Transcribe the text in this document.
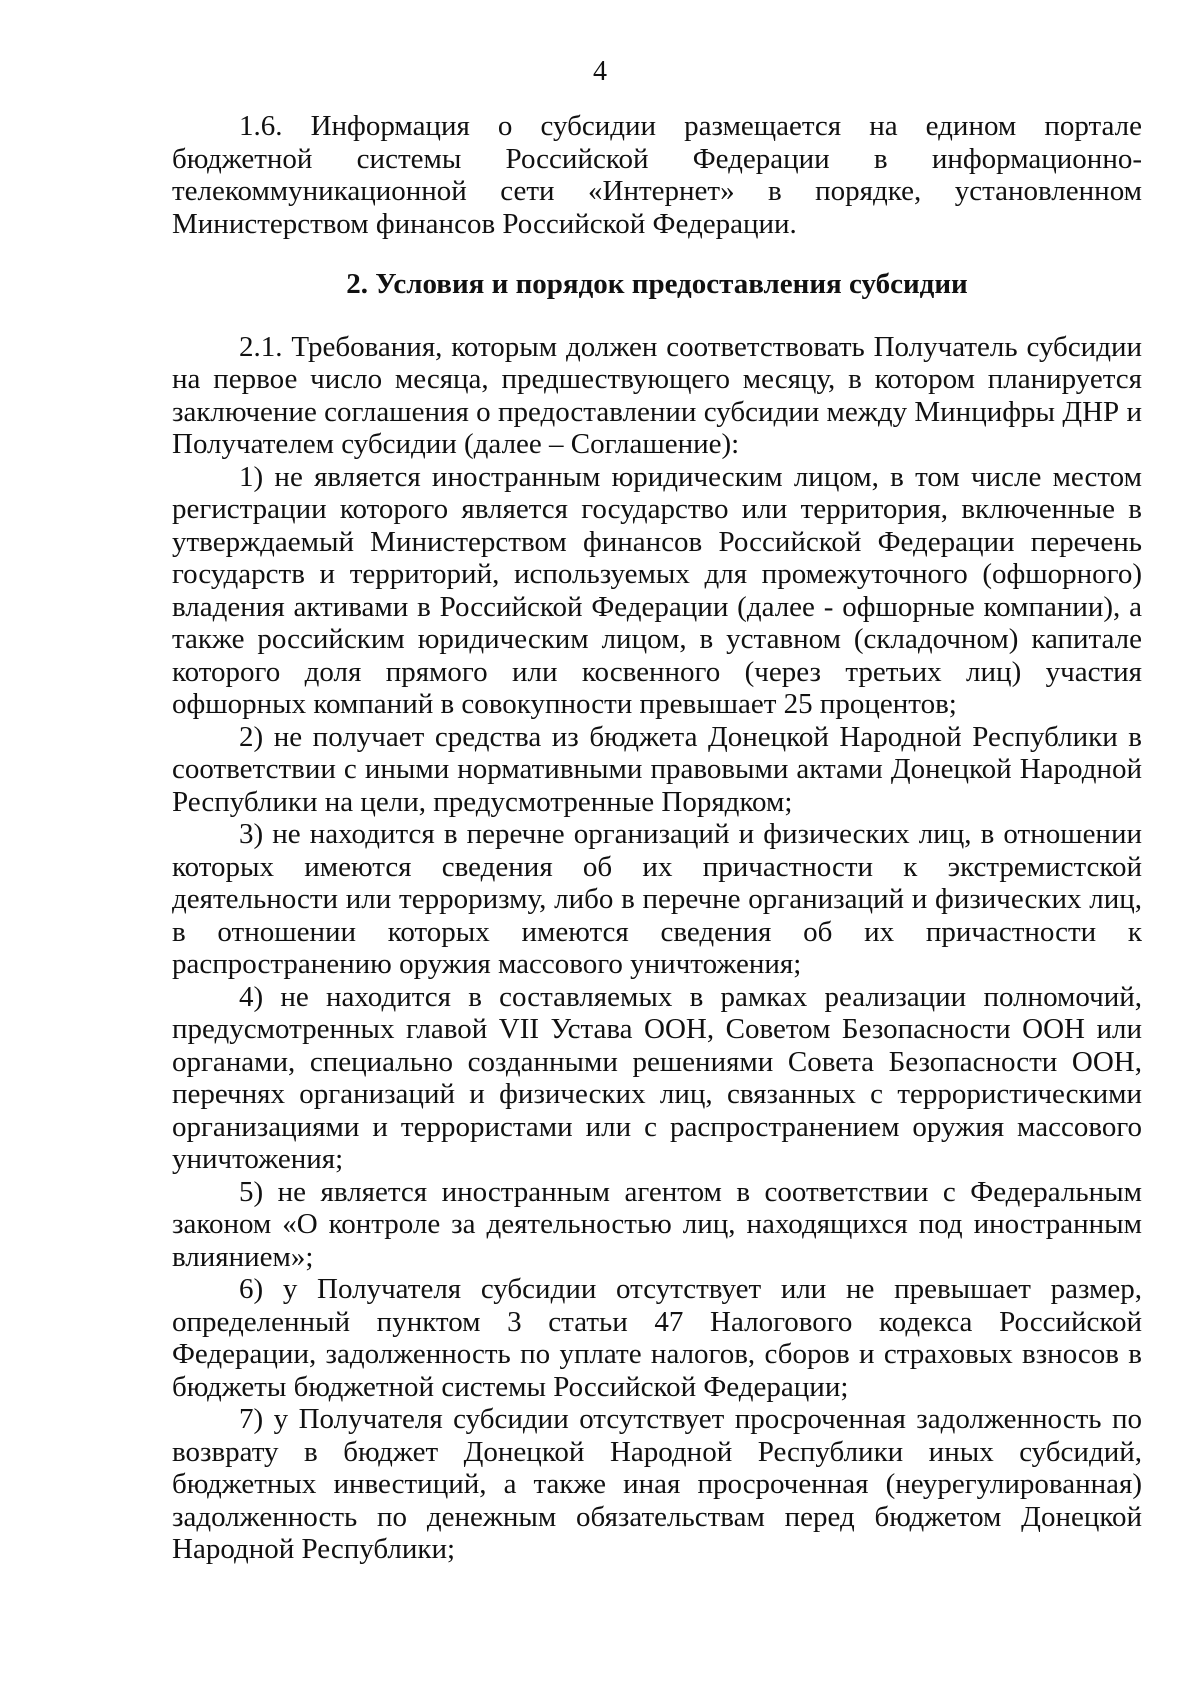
4

1.6. Информация о субсидии размещается на едином портале бюджетной системы Российской Федерации в информационно-телекоммуникационной сети «Интернет» в порядке, установленном Министерством финансов Российской Федерации.

2. Условия и порядок предоставления субсидии

2.1. Требования, которым должен соответствовать Получатель субсидии на первое число месяца, предшествующего месяцу, в котором планируется заключение соглашения о предоставлении субсидии между Минцифры ДНР и Получателем субсидии (далее – Соглашение):

1) не является иностранным юридическим лицом, в том числе местом регистрации которого является государство или территория, включенные в утверждаемый Министерством финансов Российской Федерации перечень государств и территорий, используемых для промежуточного (офшорного) владения активами в Российской Федерации (далее - офшорные компании), а также российским юридическим лицом, в уставном (складочном) капитале которого доля прямого или косвенного (через третьих лиц) участия офшорных компаний в совокупности превышает 25 процентов;

2) не получает средства из бюджета Донецкой Народной Республики в соответствии с иными нормативными правовыми актами Донецкой Народной Республики на цели, предусмотренные Порядком;

3) не находится в перечне организаций и физических лиц, в отношении которых имеются сведения об их причастности к экстремистской деятельности или терроризму, либо в перечне организаций и физических лиц, в отношении которых имеются сведения об их причастности к распространению оружия массового уничтожения;

4) не находится в составляемых в рамках реализации полномочий, предусмотренных главой VII Устава ООН, Советом Безопасности ООН или органами, специально созданными решениями Совета Безопасности ООН, перечнях организаций и физических лиц, связанных с террористическими организациями и террористами или с распространением оружия массового уничтожения;

5) не является иностранным агентом в соответствии с Федеральным законом «О контроле за деятельностью лиц, находящихся под иностранным влиянием»;

6) у Получателя субсидии отсутствует или не превышает размер, определенный пунктом 3 статьи 47 Налогового кодекса Российской Федерации, задолженность по уплате налогов, сборов и страховых взносов в бюджеты бюджетной системы Российской Федерации;

7) у Получателя субсидии отсутствует просроченная задолженность по возврату в бюджет Донецкой Народной Республики иных субсидий, бюджетных инвестиций, а также иная просроченная (неурегулированная) задолженность по денежным обязательствам перед бюджетом Донецкой Народной Республики;
